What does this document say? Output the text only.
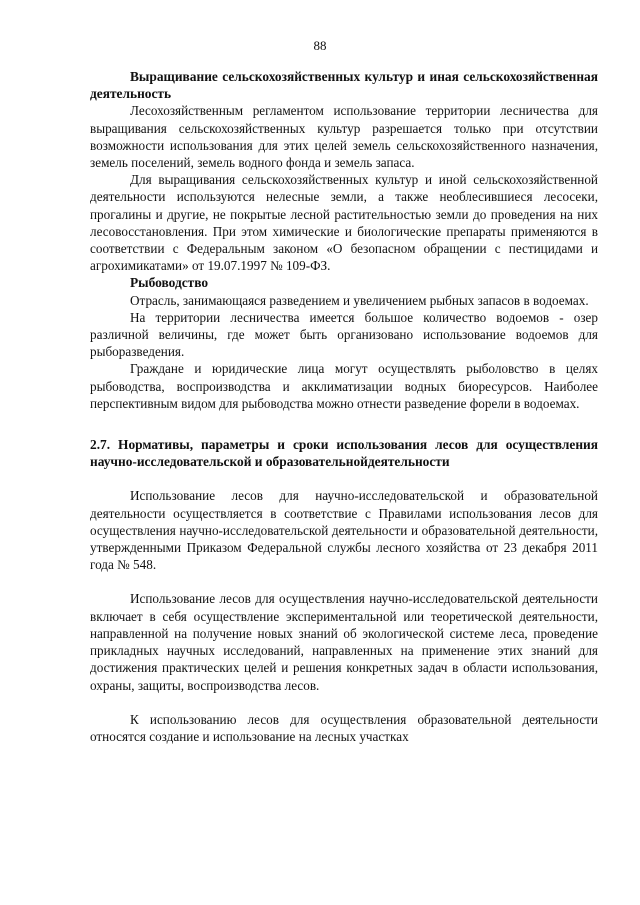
88

Выращивание сельскохозяйственных культур и иная сельскохозяйственная деятельность

Лесохозяйственным регламентом использование территории лесничества для выращивания сельскохозяйственных культур разрешается только при отсутствии возможности использования для этих целей земель сельскохозяйственного назначения, земель поселений, земель водного фонда и земель запаса.

Для выращивания сельскохозяйственных культур и иной сельскохозяйственной деятельности используются нелесные земли, а также необлесившиеся лесосеки, прогалины и другие, не покрытые лесной растительностью земли до проведения на них лесовосстановления. При этом химические и биологические препараты применяются в соответствии с Федеральным законом «О безопасном обращении с пестицидами и агрохимикатами» от 19.07.1997 № 109-ФЗ.

Рыбоводство

Отрасль, занимающаяся разведением и увеличением рыбных запасов в водоемах.

На территории лесничества имеется большое количество водоемов - озер различной величины, где может быть организовано использование водоемов для рыборазведения.

Граждане и юридические лица могут осуществлять рыболовство в целях рыбоводства, воспроизводства и акклиматизации водных биоресурсов. Наиболее перспективным видом для рыбоводства можно отнести разведение форели в водоемах.

2.7. Нормативы, параметры и сроки использования лесов для осуществления научно-исследовательской и образовательнойдеятельности

Использование лесов для научно-исследовательской и образовательной деятельности осуществляется в соответствие с Правилами использования лесов для осуществления научно-исследовательской деятельности и образовательной деятельности, утвержденными Приказом Федеральной службы лесного хозяйства от 23 декабря 2011 года № 548.

Использование лесов для осуществления научно-исследовательской деятельности включает в себя осуществление экспериментальной или теоретической деятельности, направленной на получение новых знаний об экологической системе леса, проведение прикладных научных исследований, направленных на применение этих знаний для достижения практических целей и решения конкретных задач в области использования, охраны, защиты, воспроизводства лесов.

К использованию лесов для осуществления образовательной деятельности относятся создание и использование на лесных участках
